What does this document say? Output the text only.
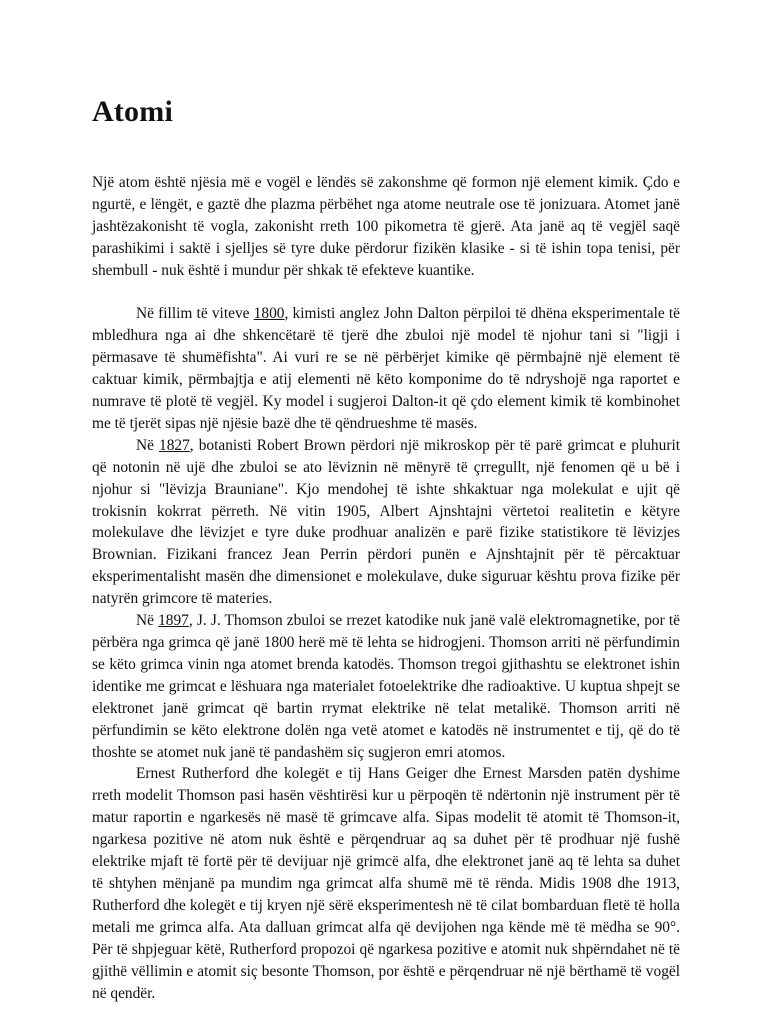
Atomi

Një atom është njësia më e vogël e lëndës së zakonshme që formon një element kimik. Çdo e ngurtë, e lëngët, e gaztë dhe plazma përbëhet nga atome neutrale ose të jonizuara. Atomet janë jashtëzakonisht të vogla, zakonisht rreth 100 pikometra të gjerë. Ata janë aq të vegjël saqë parashikimi i saktë i sjelljes së tyre duke përdorur fizikën klasike - si të ishin topa tenisi, për shembull - nuk është i mundur për shkak të efekteve kuantike.

Në fillim të viteve 1800, kimisti anglez John Dalton përpiloi të dhëna eksperimentale të mbledhura nga ai dhe shkencëtarë të tjerë dhe zbuloi një model të njohur tani si "ligji i përmasave të shumëfishta". Ai vuri re se në përbërjet kimike që përmbajnë një element të caktuar kimik, përmbajtja e atij elementi në këto komponime do të ndryshojë nga raportet e numrave të plotë të vegjël. Ky model i sugjeroi Dalton-it që çdo element kimik të kombinohet me të tjerët sipas një njësie bazë dhe të qëndrueshme të masës.

Në 1827, botanisti Robert Brown përdori një mikroskop për të parë grimcat e pluhurit që notonin në ujë dhe zbuloi se ato lëviznin në mënyrë të çrregullt, një fenomen që u bë i njohur si "lëvizja Brauniane". Kjo mendohej të ishte shkaktuar nga molekulat e ujit që trokisnin kokrrat përreth. Në vitin 1905, Albert Ajnshtajni vërtetoi realitetin e këtyre molekulave dhe lëvizjet e tyre duke prodhuar analizën e parë fizike statistikore të lëvizjes Brownian. Fizikani francez Jean Perrin përdori punën e Ajnshtajnit për të përcaktuar eksperimentalisht masën dhe dimensionet e molekulave, duke siguruar kështu prova fizike për natyrën grimcore të materies.

Në 1897, J. J. Thomson zbuloi se rrezet katodike nuk janë valë elektromagnetike, por të përbëra nga grimca që janë 1800 herë më të lehta se hidrogjeni. Thomson arriti në përfundimin se këto grimca vinin nga atomet brenda katodës. Thomson tregoi gjithashtu se elektronet ishin identike me grimcat e lëshuara nga materialet fotoelektrike dhe radioaktive. U kuptua shpejt se elektronet janë grimcat që bartin rrymat elektrike në telat metalikë. Thomson arriti në përfundimin se këto elektrone dolën nga vetë atomet e katodës në instrumentet e tij, që do të thoshte se atomet nuk janë të pandashëm siç sugjeron emri atomos.

Ernest Rutherford dhe kolegët e tij Hans Geiger dhe Ernest Marsden patën dyshime rreth modelit Thomson pasi hasën vështirësi kur u përpoqën të ndërtonin një instrument për të matur raportin e ngarkesës në masë të grimcave alfa. Sipas modelit të atomit të Thomson-it, ngarkesa pozitive në atom nuk është e përqendruar aq sa duhet për të prodhuar një fushë elektrike mjaft të fortë për të devijuar një grimcë alfa, dhe elektronet janë aq të lehta sa duhet të shtyhen mënjanë pa mundim nga grimcat alfa shumë më të rënda. Midis 1908 dhe 1913, Rutherford dhe kolegët e tij kryen një sërë eksperimentesh në të cilat bombarduan fletë të holla metali me grimca alfa. Ata dalluan grimcat alfa që devijohen nga kënde më të mëdha se 90°. Për të shpjeguar këtë, Rutherford propozoi që ngarkesa pozitive e atomit nuk shpërndahet në të gjithë vëllimin e atomit siç besonte Thomson, por është e përqendruar në një bërthamë të vogël në qendër.
